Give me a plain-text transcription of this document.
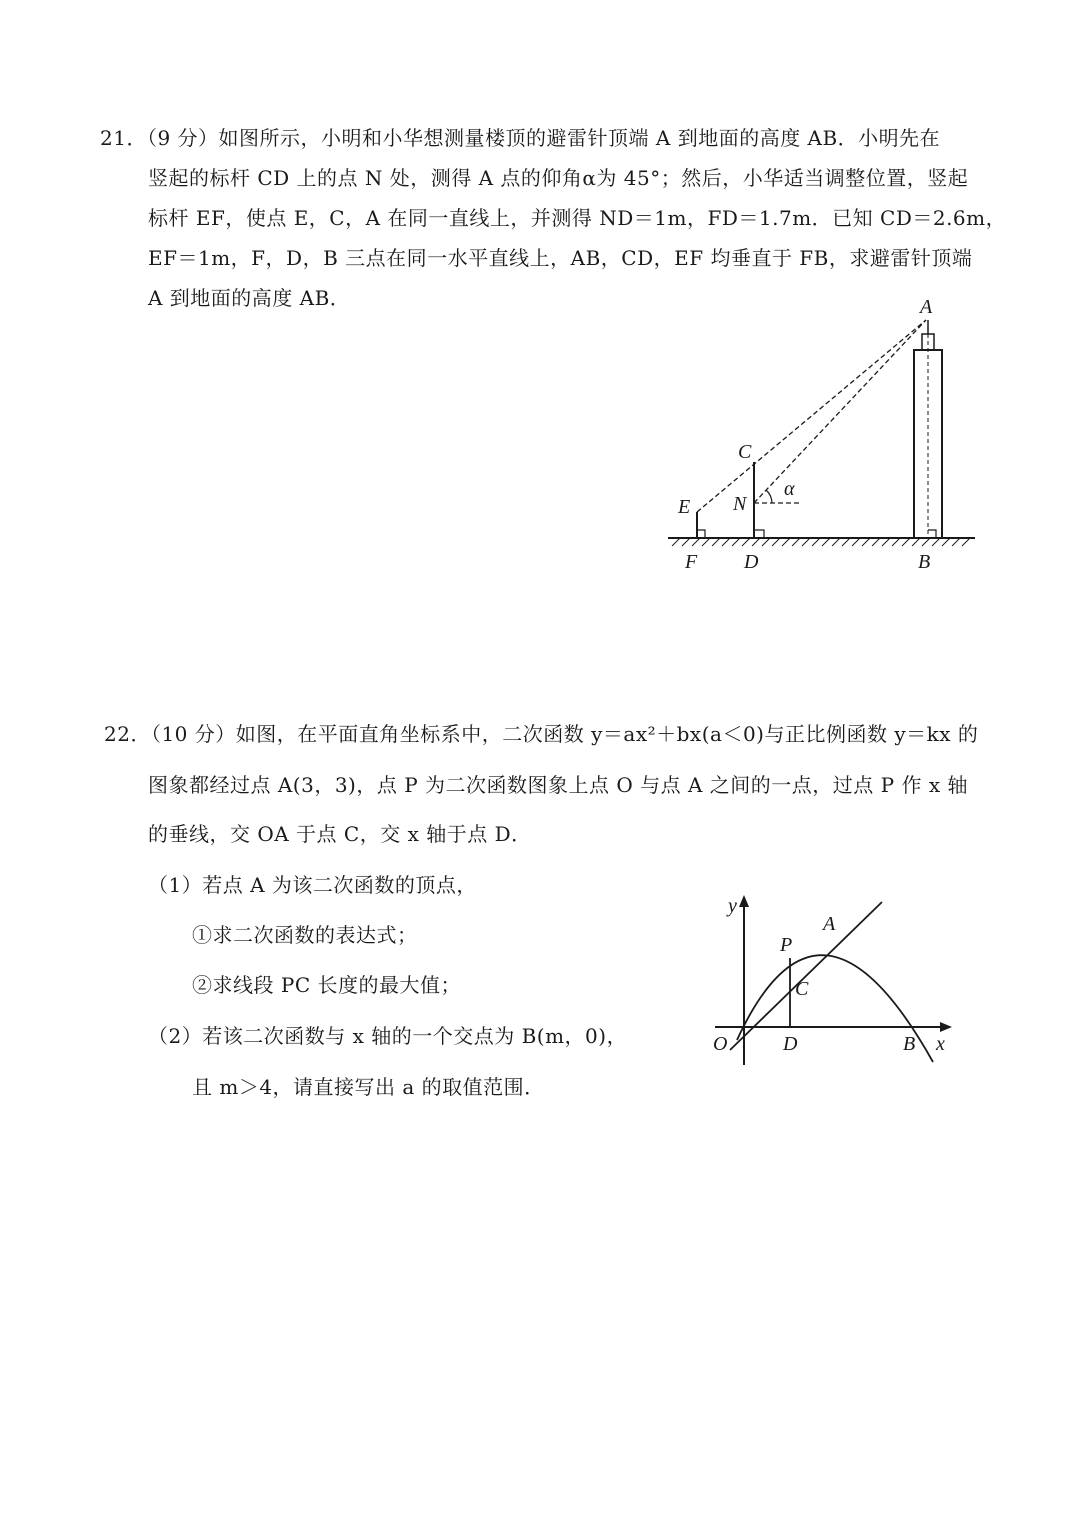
21．（9 分）如图所示，小明和小华想测量楼顶的避雷针顶端 A 到地面的高度 AB．小明先在
竖起的标杆 CD 上的点 N 处，测得 A 点的仰角α为 45°；然后，小华适当调整位置，竖起
标杆 EF，使点 E，C，A 在同一直线上，并测得 ND＝1m，FD＝1.7m．已知 CD＝2.6m，
EF＝1m，F，D，B 三点在同一水平直线上，AB，CD，EF 均垂直于 FB，求避雷针顶端
A 到地面的高度 AB．	A
C
E N
α
F D	B
22．（10 分）如图，在平面直角坐标系中，二次函数 y＝ax²＋bx(a＜0)与正比例函数 y＝kx 的
图象都经过点 A(3，3)，点 P 为二次函数图象上点 O 与点 A 之间的一点，过点 P 作 x 轴
的垂线，交 OA 于点 C，交 x 轴于点 D．
（1）若点 A 为该二次函数的顶点，
①求二次函数的表达式；
②求线段 PC 长度的最大值；
（2）若该二次函数与 x 轴的一个交点为 B(m，0)，
且 m＞4，请直接写出 a 的取值范围．
y
A
P
C
O	D	B x
